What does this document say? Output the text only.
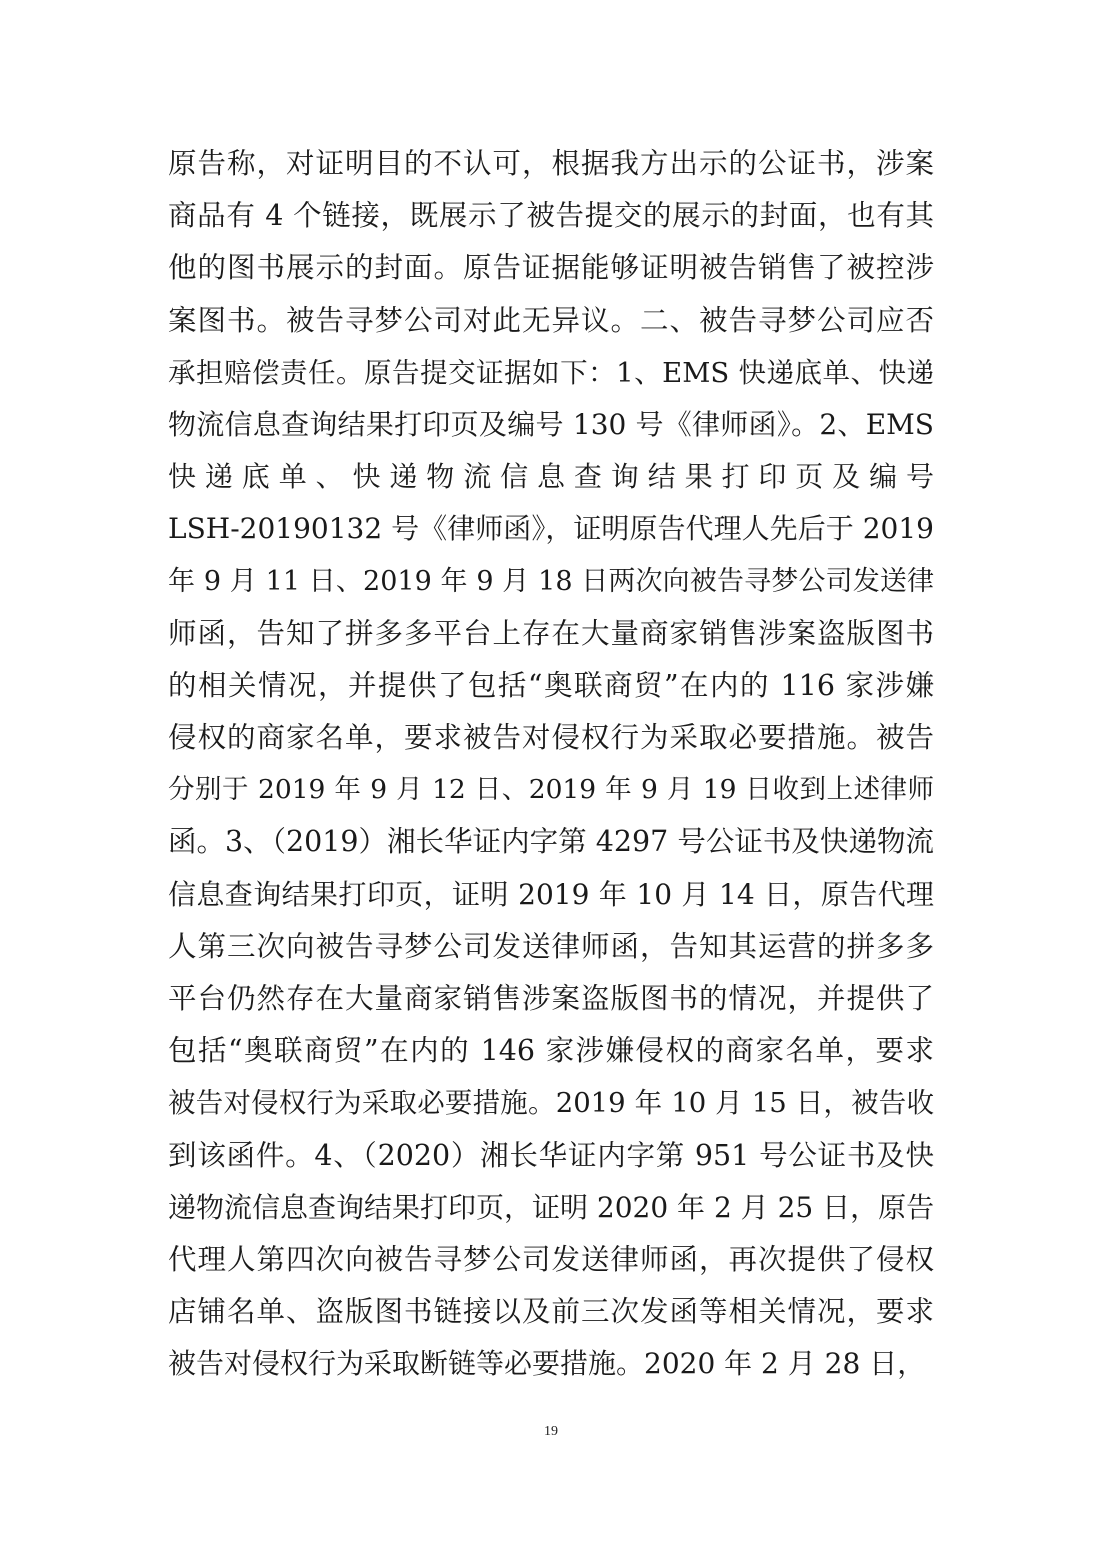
原告称，对证明目的不认可，根据我方出示的公证书，涉案
商品有 4 个链接，既展示了被告提交的展示的封面，也有其
他的图书展示的封面。原告证据能够证明被告销售了被控涉
案图书。被告寻梦公司对此无异议。二、被告寻梦公司应否
承担赔偿责任。原告提交证据如下：1、EMS 快递底单、快递
物流信息查询结果打印页及编号 130 号《律师函》。2、EMS
快 递 底 单 、 快 递 物 流 信 息 查 询 结 果 打 印 页 及 编 号
LSH-20190132 号《律师函》，证明原告代理人先后于 2019
年 9 月 11 日、2019 年 9 月 18 日两次向被告寻梦公司发送律
师函，告知了拼多多平台上存在大量商家销售涉案盗版图书
的相关情况，并提供了包括“奥联商贸”在内的 116 家涉嫌
侵权的商家名单，要求被告对侵权行为采取必要措施。被告
分别于 2019 年 9 月 12 日、2019 年 9 月 19 日收到上述律师
函。3、（2019）湘长华证内字第 4297 号公证书及快递物流
信息查询结果打印页，证明 2019 年 10 月 14 日，原告代理
人第三次向被告寻梦公司发送律师函，告知其运营的拼多多
平台仍然存在大量商家销售涉案盗版图书的情况，并提供了
包括“奥联商贸”在内的 146 家涉嫌侵权的商家名单，要求
被告对侵权行为采取必要措施。2019 年 10 月 15 日，被告收
到该函件。4、（2020）湘长华证内字第 951 号公证书及快
递物流信息查询结果打印页，证明 2020 年 2 月 25 日，原告
代理人第四次向被告寻梦公司发送律师函，再次提供了侵权
店铺名单、盗版图书链接以及前三次发函等相关情况，要求
被告对侵权行为采取断链等必要措施。2020 年 2 月 28 日，
19
